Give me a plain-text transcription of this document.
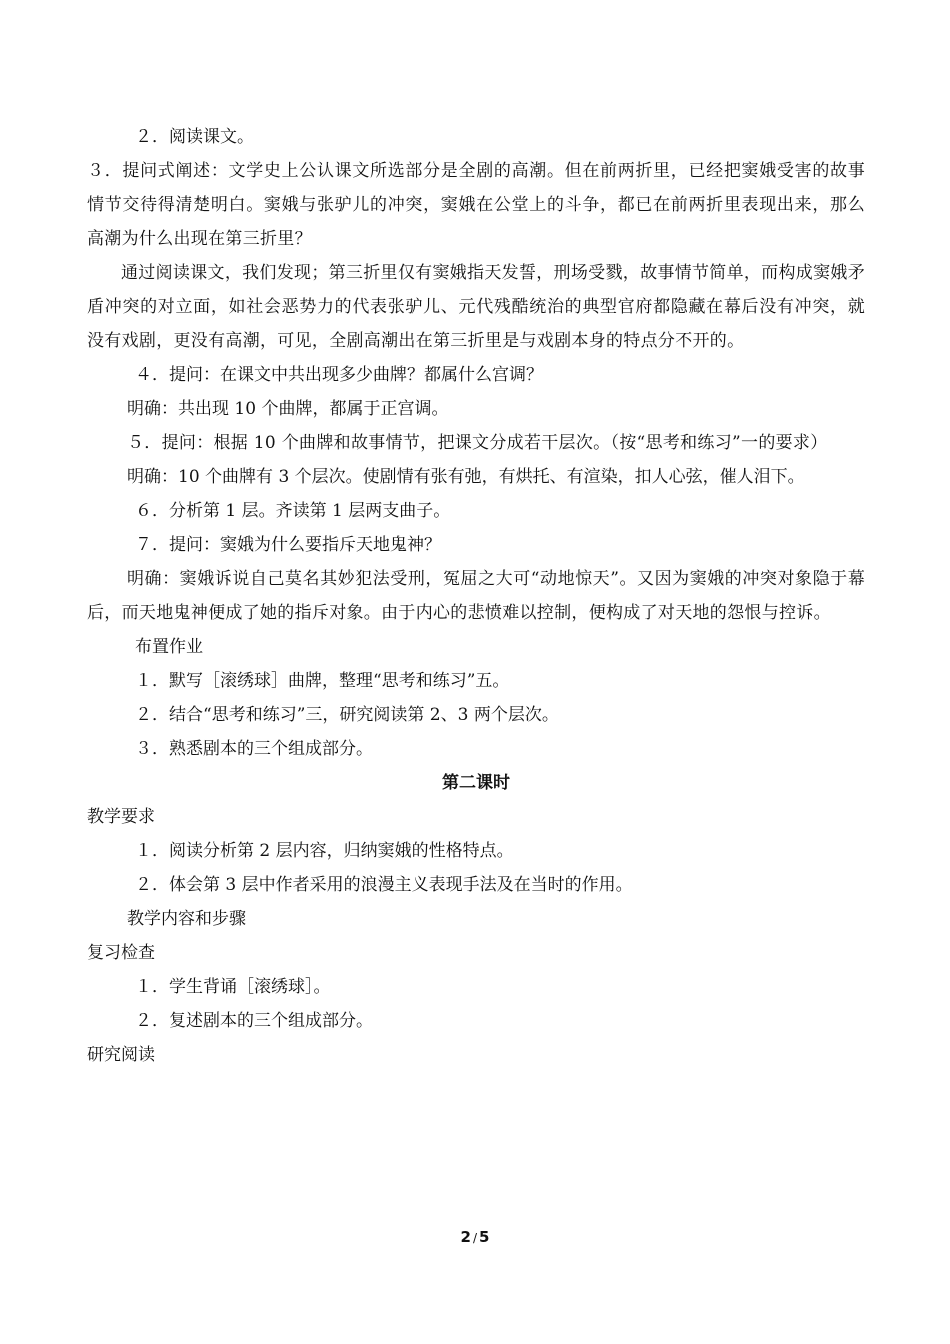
２．阅读课文。
３．提问式阐述：文学史上公认课文所选部分是全剧的高潮。但在前两折里，已经把窦娥受害的故事情节交待得清楚明白。窦娥与张驴儿的冲突，窦娥在公堂上的斗争，都已在前两折里表现出来，那么高潮为什么出现在第三折里？
通过阅读课文，我们发现；第三折里仅有窦娥指天发誓，刑场受戮，故事情节简单，而构成窦娥矛盾冲突的对立面，如社会恶势力的代表张驴儿、元代残酷统治的典型官府都隐藏在幕后没有冲突，就没有戏剧，更没有高潮，可见，全剧高潮出在第三折里是与戏剧本身的特点分不开的。
４．提问：在课文中共出现多少曲牌？都属什么宫调？
明确：共出现 10 个曲牌，都属于正宫调。
５．提问：根据 10 个曲牌和故事情节，把课文分成若干层次。（按“思考和练习”一的要求）
明确：10 个曲牌有 3 个层次。使剧情有张有弛，有烘托、有渲染，扣人心弦，催人泪下。
６．分析第 1 层。齐读第 1 层两支曲子。
７．提问：窦娥为什么要指斥天地鬼神？
明确：窦娥诉说自己莫名其妙犯法受刑，冤屈之大可“动地惊天”。又因为窦娥的冲突对象隐于幕后，而天地鬼神便成了她的指斥对象。由于内心的悲愤难以控制，便构成了对天地的怨恨与控诉。
布置作业
１．默写［滚绣球］曲牌，整理“思考和练习”五。
２．结合“思考和练习”三，研究阅读第 2、3 两个层次。
３．熟悉剧本的三个组成部分。
第二课时
教学要求
１．阅读分析第 2 层内容，归纳窦娥的性格特点。
２．体会第 3 层中作者采用的浪漫主义表现手法及在当时的作用。
教学内容和步骤
复习检查
１．学生背诵［滚绣球］。
２．复述剧本的三个组成部分。
研究阅读
2 / 5
